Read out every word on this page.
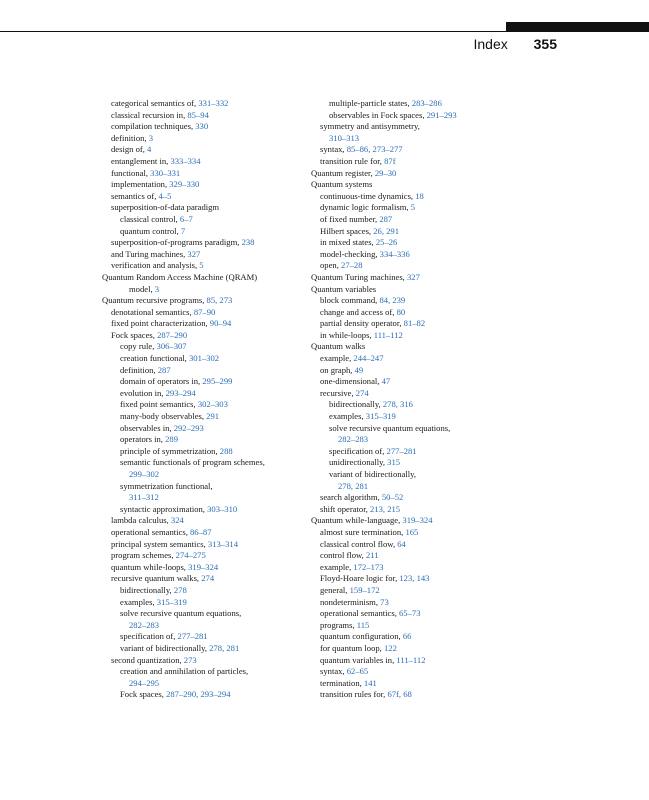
Index 355
categorical semantics of, 331–332
classical recursion in, 85–94
compilation techniques, 330
definition, 3
design of, 4
entanglement in, 333–334
functional, 330–331
implementation, 329–330
semantics of, 4–5
superposition-of-data paradigm
classical control, 6–7
quantum control, 7
superposition-of-programs paradigm, 238
and Turing machines, 327
verification and analysis, 5
Quantum Random Access Machine (QRAM)
model, 3
Quantum recursive programs, 85, 273
denotational semantics, 87–90
fixed point characterization, 90–94
Fock spaces, 287–290
copy rule, 306–307
creation functional, 301–302
definition, 287
domain of operators in, 295–299
evolution in, 293–294
fixed point semantics, 302–303
many-body observables, 291
observables in, 292–293
operators in, 289
principle of symmetrization, 288
semantic functionals of program schemes,
299–302
symmetrization functional,
311–312
syntactic approximation, 303–310
lambda calculus, 324
operational semantics, 86–87
principal system semantics, 313–314
program schemes, 274–275
quantum while-loops, 319–324
recursive quantum walks, 274
bidirectionally, 278
examples, 315–319
solve recursive quantum equations,
282–283
specification of, 277–281
variant of bidirectionally, 278, 281
second quantization, 273
creation and annihilation of particles,
294–295
Fock spaces, 287–290, 293–294
multiple-particle states, 283–286
observables in Fock spaces, 291–293
symmetry and antisymmetry,
310–313
syntax, 85–86, 273–277
transition rule for, 87f
Quantum register, 29–30
Quantum systems
continuous-time dynamics, 18
dynamic logic formalism, 5
of fixed number, 287
Hilbert spaces, 26, 291
in mixed states, 25–26
model-checking, 334–336
open, 27–28
Quantum Turing machines, 327
Quantum variables
block command, 84, 239
change and access of, 80
partial density operator, 81–82
in while-loops, 111–112
Quantum walks
example, 244–247
on graph, 49
one-dimensional, 47
recursive, 274
bidirectionally, 278, 316
examples, 315–319
solve recursive quantum equations,
282–283
specification of, 277–281
unidirectionally, 315
variant of bidirectionally,
278, 281
search algorithm, 50–52
shift operator, 213, 215
Quantum while-language, 319–324
almost sure termination, 165
classical control flow, 64
control flow, 211
example, 172–173
Floyd-Hoare logic for, 123, 143
general, 159–172
nondeterminism, 73
operational semantics, 65–73
programs, 115
quantum configuration, 66
for quantum loop, 122
quantum variables in, 111–112
syntax, 62–65
termination, 141
transition rules for, 67f, 68
